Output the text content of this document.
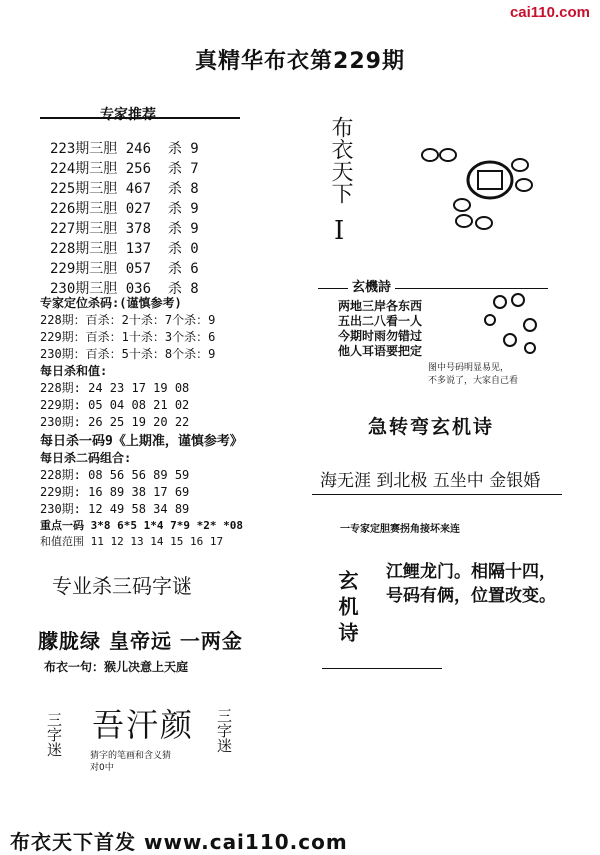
cai110.com
真精华布衣第229期
专家推荐
223期三胆 246  杀 9
224期三胆 256  杀 7
225期三胆 467  杀 8
226期三胆 027  杀 9
227期三胆 378  杀 9
228期三胆 137  杀 0
229期三胆 057  杀 6
230期三胆 036  杀 8
专家定位杀码:(谨慎参考)
228期：百杀：2十杀：7个杀：9
229期：百杀：1十杀：3个杀：6
230期：百杀：5十杀：8个杀：9
每日杀和值:
228期: 24 23 17 19 08
229期: 05 04 08 21 02
230期: 26 25 19 20 22
每日杀一码9《上期准，谨慎参考》
每日杀二码组合:
228期: 08 56 56 89 59
229期: 16 89 38 17 69
230期: 12 49 58 34 89
重点一码 3*8 6*5 1*4 7*9 *2* *08
和值范围 11 12 13 14 15 16 17
专业杀三码字谜
朦胧绿 皇帝远 一两金
布衣一句：猴儿决意上天庭
三字迷 吾汗颜 三字迷
猜字的笔画和含义猜
对0中
布衣天下
I
玄機詩
两地三岸各东西
五出二八看一人
今期时雨勿错过
他人耳语要把定
图中号码明显易见，
不多说了，大家自己看
急转弯玄机诗
海无涯 到北极 五坐中 金银婚
一专家定胆赛拐角接坏来连
玄机诗 江鲤龙门。相隔十四，
号码有俩，位置改变。
布衣天下首发 www.cai110.com
